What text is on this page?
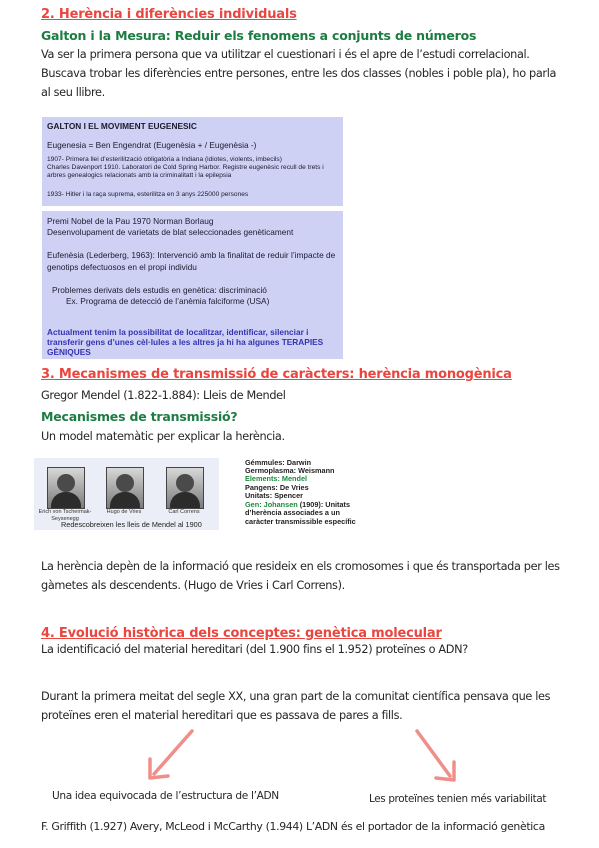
2. Herència i diferències individuals
Galton i la Mesura: Reduir els fenomens a conjunts de números
Va ser la primera persona que va utilitzar el cuestionari i és el apre de l’estudi correlacional. Buscava trobar les diferències entre persones, entre les dos classes (nobles i poble pla), ho parla al seu llibre.
GALTON I EL MOVIMENT EUGENESIC
Eugenesia = Ben Engendrat (Eugenèsia + / Eugenèsia -)
1907- Primera llei d’esterilització obligatòria a Indiana (idiotes, violents, imbecils)
Charles Davenport 1910. Laboratori de Cold Spring Harbor. Registre eugenèsic recull de trets i
arbres genealogics relacionats amb la criminalitatt i la epilepsia
1933- Hitler i la raça suprema, esterilitza en 3 anys 225000 persones
Premi Nobel de la Pau 1970 Norman Borlaug
Desenvolupament de varietats de blat seleccionades genèticament
Eufenèsia (Lederberg, 1963): Intervenció amb la finalitat de reduir l’impacte de
genotips defectuosos en el propi individu
Problemes derivats dels estudis en genètica: discriminació
Ex. Programa de detecció de l’anèmia falciforme (USA)
Actualment tenim la possibilitat de localitzar, identificar, silenciar i
transferir gens d’unes cèl·lules a les altres ja hi ha algunes TERAPIES
GÈNIQUES
3. Mecanismes de transmissió de caràcters: herència monogènica
Gregor Mendel (1.822-1.884): Lleis de Mendel
Mecanismes de transmissió?
Un model matemàtic per explicar la herència.
Erich von Tschermak-
Seysenegg
Hugo de Vries	Carl Correns
Redescobreixen les lleis de Mendel al 1900
Gémmules: Darwin
Germoplasma: Weismann
Elements: Mendel
Pangens: De Vries
Unitats: Spencer
Gen: Johansen (1909): Unitats
d’herència associades a un
caràcter transmissible específic
La herència depèn de la informació que resideix en els cromosomes i que és transportada per les gàmetes als descendents. (Hugo de Vries i Carl Correns).
4. Evolució històrica dels conceptes: genètica molecular
La identificació del material hereditari (del 1.900 fins el 1.952) proteïnes o ADN?
Durant la primera meitat del segle XX, una gran part de la comunitat científica pensava que les proteïnes eren el material hereditari que es passava de pares a fills.
Una idea equivocada de l’estructura de l’ADN	Les proteïnes tenien més variabilitat
F. Griffith (1.927) Avery, McLeod i McCarthy (1.944) L’ADN és el portador de la informació genètica
